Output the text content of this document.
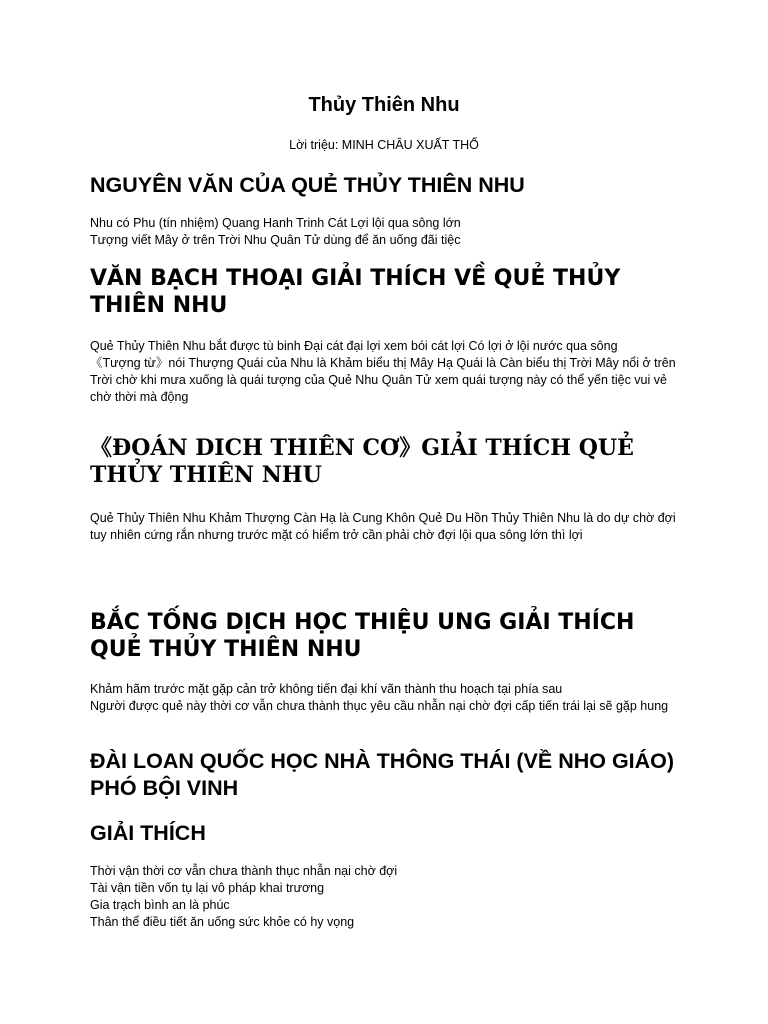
Thủy Thiên Nhu
Lời triệu: MINH CHÂU XUẤT THỔ
NGUYÊN VĂN CỦA QUẺ THỦY THIÊN NHU
Nhu có Phu (tín nhiệm) Quang Hanh Trinh Cát Lợi lội qua sông lớn
Tượng viết Mây ở trên Trời Nhu Quân Tử dùng để ăn uống đãi tiệc
VĂN BẠCH THOẠI GIẢI THÍCH VỀ QUẺ THỦY THIÊN NHU
Quẻ Thủy Thiên Nhu bắt được tù binh Đại cát đại lợi xem bói cát lợi Có lợi ở lội nước qua sông
《Tượng từ》nói Thượng Quái của Nhu là Khảm biểu thị Mây Hạ Quái là Càn biểu thị Trời Mây nổi ở trên Trời chờ khi mưa xuống là quái tượng của Quẻ Nhu Quân Tử xem quái tượng này có thể yến tiệc vui vẻ chờ thời mà động
《ĐOÁN DICH THIÊN CƠ》GIẢI THÍCH QUẺ THỦY THIÊN NHU
Quẻ Thủy Thiên Nhu Khảm Thượng Càn Hạ là Cung Khôn Quẻ Du Hồn Thủy Thiên Nhu là do dự chờ đợi tuy nhiên cứng rắn nhưng trước mặt có hiểm trở cần phải chờ đợi lội qua sông lớn thì lợi
BẮC TỐNG DỊCH HỌC THIỆU UNG GIẢI THÍCH QUẺ THỦY THIÊN NHU
Khảm hãm trước mặt gặp cản trở không tiến đại khí vãn thành thu hoạch tại phía sau
Người được quẻ này thời cơ vẫn chưa thành thục yêu cầu nhẫn nại chờ đợi cấp tiến trái lại sẽ gặp hung
ĐÀI LOAN QUỐC HỌC NHÀ THÔNG THÁI (VỀ NHO GIÁO) PHÓ BỘI VINH
GIẢI THÍCH
Thời vận thời cơ vẫn chưa thành thục nhẫn nại chờ đợi
Tài vận tiền vốn tụ lại vô pháp khai trương
Gia trạch bình an là phúc
Thân thể điều tiết ăn uống sức khỏe có hy vọng
